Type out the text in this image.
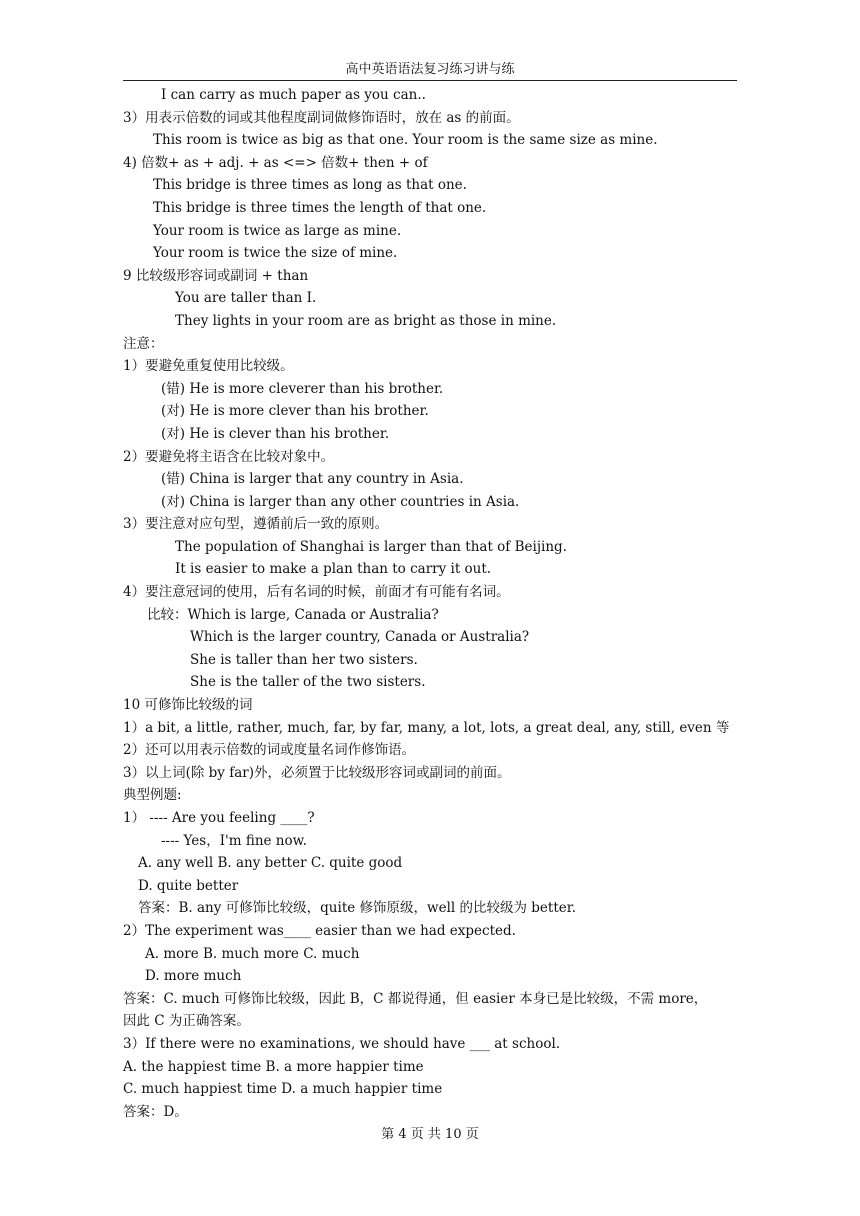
高中英语语法复习练习讲与练
I can carry as much paper as you can..
3）用表示倍数的词或其他程度副词做修饰语时，放在 as 的前面。
This room is twice as big as that one. Your room is the same size as mine.
4) 倍数+ as + adj. + as <=> 倍数+ then + of
This bridge is three times as long as that one.
This bridge is three times the length of that one.
Your room is twice as large as mine.
Your room is twice the size of mine.
9 比较级形容词或副词 + than
You are taller than I.
They lights in your room are as bright as those in mine.
注意：
1）要避免重复使用比较级。
(错) He is more cleverer than his brother.
(对) He is more clever than his brother.
(对) He is clever than his brother.
2）要避免将主语含在比较对象中。
(错) China is larger that any country in Asia.
(对) China is larger than any other countries in Asia.
3）要注意对应句型，遵循前后一致的原则。
The population of Shanghai is larger than that of Beijing.
It is easier to make a plan than to carry it out.
4）要注意冠词的使用，后有名词的时候，前面才有可能有名词。
比较：Which is large, Canada or Australia?
Which is the larger country, Canada or Australia?
She is taller than her two sisters.
She is the taller of the two sisters.
10 可修饰比较级的词
1）a bit, a little, rather, much, far, by far, many, a lot, lots, a great deal, any, still, even 等
2）还可以用表示倍数的词或度量名词作修饰语。
3）以上词(除 by far)外，必须置于比较级形容词或副词的前面。
典型例题:
1） ---- Are you feeling ____?
---- Yes，I'm fine now.
A. any well B. any better C. quite good
D. quite better
答案：B. any 可修饰比较级，quite 修饰原级，well 的比较级为 better.
2）The experiment was____ easier than we had expected.
A. more B. much more C. much
D. more much
答案：C. much 可修饰比较级，因此 B，C 都说得通，但 easier 本身已是比较级，不需 more，
因此 C 为正确答案。
3）If there were no examinations, we should have ___ at school.
A. the happiest time B. a more happier time
C. much happiest time D. a much happier time
答案：D。
第 4 页 共 10 页
